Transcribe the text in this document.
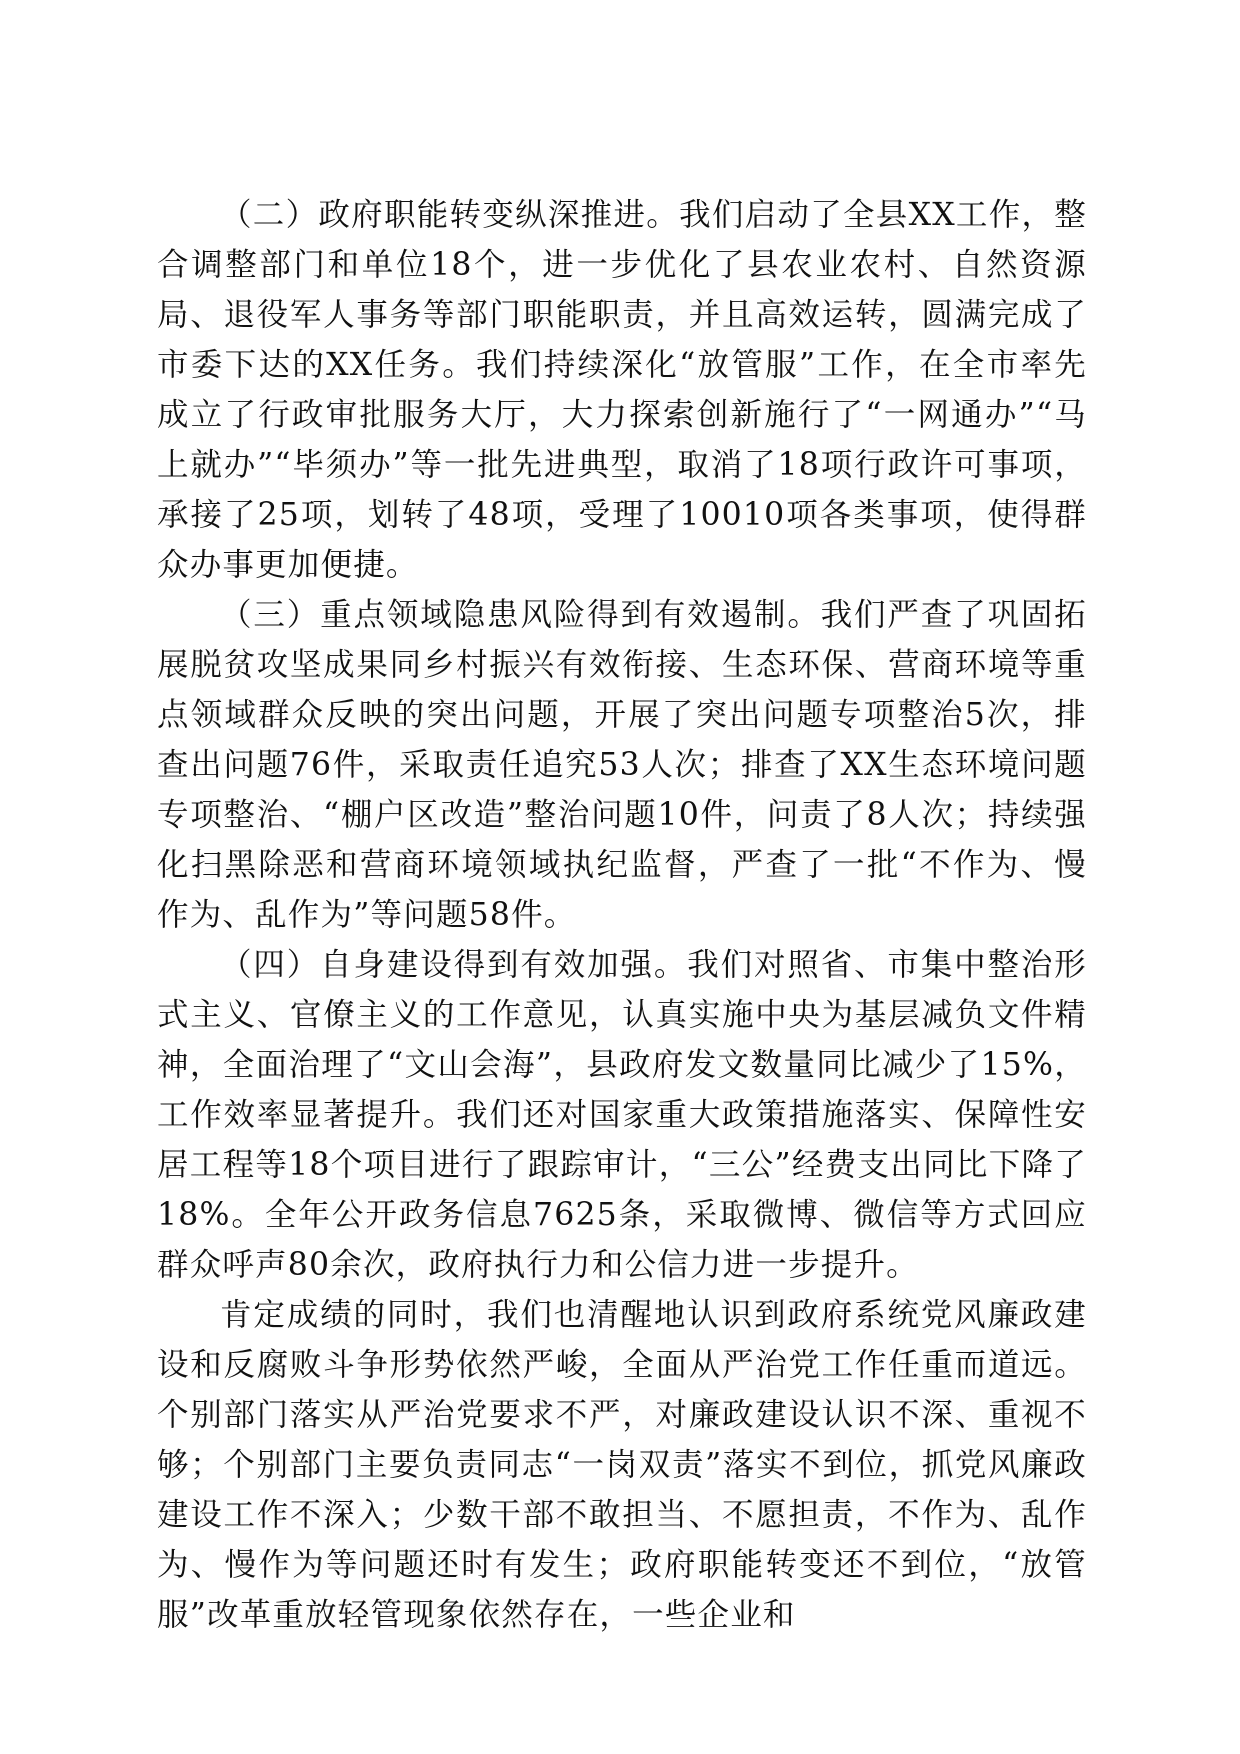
（二）政府职能转变纵深推进。我们启动了全县XX工作，整合调整部门和单位18个，进一步优化了县农业农村、自然资源局、退役军人事务等部门职能职责，并且高效运转，圆满完成了市委下达的XX任务。我们持续深化“放管服”工作，在全市率先成立了行政审批服务大厅，大力探索创新施行了“一网通办”“马上就办”“毕须办”等一批先进典型，取消了18项行政许可事项，承接了25项，划转了48项，受理了10010项各类事项，使得群众办事更加便捷。

（三）重点领域隐患风险得到有效遏制。我们严查了巩固拓展脱贫攻坚成果同乡村振兴有效衔接、生态环保、营商环境等重点领域群众反映的突出问题，开展了突出问题专项整治5次，排查出问题76件，采取责任追究53人次；排查了XX生态环境问题专项整治、“棚户区改造”整治问题10件，问责了8人次；持续强化扫黑除恶和营商环境领域执纪监督，严查了一批“不作为、慢作为、乱作为”等问题58件。

（四）自身建设得到有效加强。我们对照省、市集中整治形式主义、官僚主义的工作意见，认真实施中央为基层减负文件精神，全面治理了“文山会海”，县政府发文数量同比减少了15%，工作效率显著提升。我们还对国家重大政策措施落实、保障性安居工程等18个项目进行了跟踪审计，“三公”经费支出同比下降了18%。全年公开政务信息7625条，采取微博、微信等方式回应群众呼声80余次，政府执行力和公信力进一步提升。

肯定成绩的同时，我们也清醒地认识到政府系统党风廉政建设和反腐败斗争形势依然严峻，全面从严治党工作任重而道远。个别部门落实从严治党要求不严，对廉政建设认识不深、重视不够；个别部门主要负责同志“一岗双责”落实不到位，抓党风廉政建设工作不深入；少数干部不敢担当、不愿担责，不作为、乱作为、慢作为等问题还时有发生；政府职能转变还不到位，“放管服”改革重放轻管现象依然存在，一些企业和
